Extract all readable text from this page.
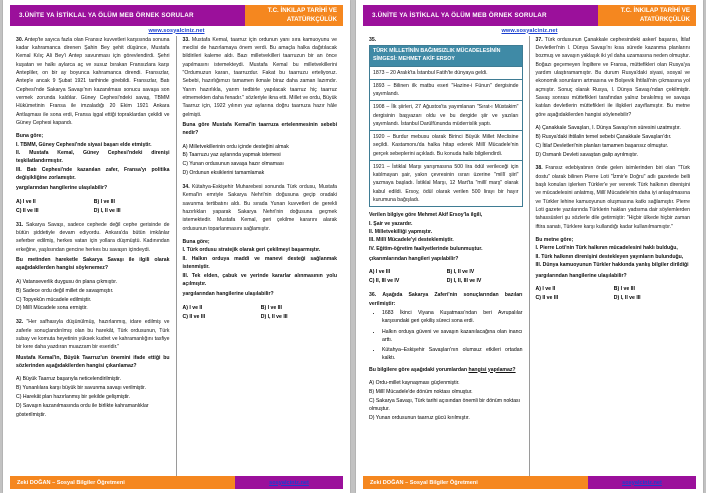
3.ÜNİTE YA İSTİKLAL YA ÖLÜM MEB ÖRNEK SORULAR
T.C. İNKILAP TARİHİ VE
ATATÜRKÇÜLÜK
www.sosyalciniz.net

30. Antep'te sayıca fazla olan Fransız kuvvetleri karşısında sonuna kadar kahramanca direnen Şahin Bey şehit düşünce, Mustafa Kemal Kılıç Ali Bey'i Antep savunması için görevlendirdi. Şehri kuşatan ve halkı aylarca aç ve susuz bırakan Fransızlara karşı Antepliler, on bir ay boyunca kahramanca direndi. Fransızlar, Antep'e ancak 9 Şubat 1921 tarihinde girebildi. Fransızlar, Batı Cephesi'nde Sakarya Savaşı'nın kazanılması sonucu savaşa son vermek zorunda kaldılar. Güney Cephesi'ndeki savaş, TBMM Hükümetinin Fransa ile imzaladığı 20 Ekim 1921 Ankara Antlaşması ile sona erdi, Fransa işgal ettiği topraklardan çekildi ve Güney Cephesi kapandı.

Buna göre;
I. TBMM, Güney Cephesi'nde siyasi başarı elde etmiştir.
II. Mustafa Kemal, Güney Cephesi'ndeki direnişi teşkilatlandırmıştır.
III. Batı Cephesi'nde kazanılan zafer, Fransa'yı politika değişikliğine zorlamıştır.
yargılarından hangilerine ulaşılabilir?

A) I ve II	B) I ve III
C) II ve III	D) I, II ve III

31. Sakarya Savaşı, sadece cephede değil cephe gerisinde de bütün şiddetiyle devam ediyordu. Ankara'da bütün imkânlar seferber edilmiş, herkes vatan için yollara düşmüştü. Kadınından erkeğine, yaşlısından gencine herkes bu savaşın içindeydi.
Bu metinden hareketle Sakarya Savaşı ile ilgili olarak aşağıdakilerden hangisi söylenemez?

A) Vatanseverlik duygusu ön plana çıkmıştır.
B) Sadece ordu değil millet de savaşmıştır.
C) Topyekûn mücadele edilmiştir.
D) Millî Mücadele sona ermiştir.

32. "Her safhasıyla düşünülmüş, hazırlanmış, idare edilmiş ve zaferle sonuçlandırılmış olan bu harekât, Türk ordusunun, Türk subay ve komuta heyetinin yüksek kudret ve kahramanlığını tasfiye bir kere daha yazdıran muazzam bir eseridir."
Mustafa Kemal'in, Büyük Taarruz'un önemini ifade ettiği bu sözlerinden aşağıdakilerden hangisi çıkarılamaz?

A) Büyük Taarruz başarıyla neticelendirilmiştir.
B) Yunanlılara karşı büyük bir savunma savaşı verilmiştir.
C) Harekât plan hazırlanmış bir şekilde gelişmiştir.
D) Savaşın kazanılmasında ordu ile birlikte kahramanlıklar gösterilmiştir.

33. Mustafa Kemal, taarruz için ordunun yanı sıra kamuoyunu ve meclisi de hazırlamaya önem verdi. Bu amaçla halka dağıtılacak bildirileri kaleme aldı. Bazı milletvekilleri taarruzun bir an önce yapılmasını istemekteydi. Mustafa Kemal bu milletvekillerini "Ordumuzun kararı, taarruzdur. Fakat bu taarruzu erteliyoruz. Sebebi, hazırlığımızı tamamen ikmale biraz daha zaman lazımdır. Yarım hazırlıkla, yarım tedbirle yapılacak taarruz hiç taarruz etmemekten daha fenadır." sözleriyle ikna etti. Millet ve ordu, Büyük Taarruz için, 1922 yılının yaz aylarına doğru taarruza hazır hâle gelmişti.
Buna göre Mustafa Kemal'in taarruza ertelenmesinin sebebi nedir?

A) Milletvekillerinin ordu içinde desteğini almak
B) Taarruzu yaz aylarında yapmak istemesi
C) Yunan ordusunun savaşa hazır olmaması
D) Ordunun eksiklerini tamamlamak

34. Kütahya-Eskişehir Muharebesi sonunda Türk ordusu, Mustafa Kemal'in emriyle Sakarya Nehri'nin doğusuna geçip oradaki savunma tertibatını aldı. Bu sırada Yunan kuvvetleri de gerekli hazırlıkları yaparak Sakarya Nehri'nin doğusuna geçmek istemektedir. Mustafa Kemal, geri çekilme kararını alarak ordusunun toparlanmasını sağlamıştır.

Buna göre;
I. Türk ordusu stratejik olarak geri çekilmeyi başarmıştır.
II. Halkın orduya maddi ve manevi desteği sağlanmak istenmiştir.
III. Tek elden, çabuk ve yerinde kararlar alınmasının yolu açılmıştır.
yargılarından hangilerine ulaşılabilir?

A) I ve II	B) I ve III
C) II ve III	D) I, II ve III
Zeki DOĞAN – Sosyal Bilgiler Öğretmeni	sosyalciniz.net
3.ÜNİTE YA İSTİKLAL YA ÖLÜM MEB ÖRNEK SORULAR
T.C. İNKILAP TARİHİ VE
ATATÜRKÇÜLÜK
www.sosyalciniz.net

35.

TÜRK MİLLETİNİN BAĞIMSIZLIK MÜCADELESİNİN SİMGESİ: MEHMET AKİF ERSOY
1873 – 20 Aralık'ta İstanbul Fatih'te dünyaya geldi.
1893 – Bilinen ilk matbu eseri "Hazine-i Fünun" dergisinde yayımlandı.
1908 – İlk şiirleri, 27 Ağustos'ta yayımlanan "Sırat-ı Müstakim" dergisinin başyazarı oldu ve bu dergide şiir ve yazıları yayımlandı. İstanbul Darülfünunda müderrislik yaptı.
1920 – Burdur mebusu olarak Birinci Büyük Millet Meclisine seçildi. Kastamonu'da halka hitap ederek Millî Mücadele'nin gerçek sebeplerini açıkladı. Bu konuda halkı bilgilendirdi.
1921 – İstiklal Marşı yarışmasına 500 lira ödül verileceği için katılmayan şair, yakın çevresinin ısrarı üzerine "millî şiiri" yazmaya başladı. İstiklal Marşı, 12 Mart'ta "millî marş" olarak kabul edildi. Ersoy, ödül olarak verilen 500 lirayı bir hayır kurumuna bağışladı.

Verilen bilgiye göre Mehmet Akif Ersoy'la ilgili,
I. Şair ve yazardır.
II. Milletvekilliği yapmıştır.
III. Millî Mücadele'yi desteklemiştir.
IV. Eğitim-öğretim faaliyetlerinde bulunmuştur.
çıkarımlarından hangileri yapılabilir?

A) I ve III	B) I, II ve IV
C) II, III ve IV	D) I, II, III ve IV

36. Aşağıda Sakarya Zaferi'nin sonuçlarından bazıları verilmiştir:

• 1683 İkinci Viyana Kuşatması'ndan beri Avrupalılar karşısındaki geri çekiliş süreci sona erdi.
• Halkın orduya güveni ve savaşın kazanılacağına olan inancı arttı.
• Kütahya–Eskişehir Savaşları'nın olumsuz etkileri ortadan kalktı.

Bu bilgilere göre aşağıdaki yorumlardan hangisi yapılamaz?

A) Ordu-millet kaynaşması güçlenmiştir.
B) Millî Mücadele'de dönüm noktası olmuştur.
C) Sakarya Savaşı, Türk tarihi açısından önemli bir dönüm noktası olmuştur.
D) Yunan ordusunun taarruz gücü kırılmıştır.

37. Türk ordusunun Çanakkale cephesindeki askerî başarısı, İtilaf Devletleri'nin I. Dünya Savaşı'nı kısa sürede kazanma planlarını bozmuş ve savaşın yaklaşık iki yıl daha uzamasına neden olmuştur. Boğazı geçemeyen İngiltere ve Fransa, müttefikleri olan Rusya'ya yardım ulaştıramamıştır. Bu durum Rusya'daki siyasi, sosyal ve ekonomik sorunların artmasına ve Bolşevik İhtilali'nin çıkmasına yol açmıştır. Sonuç olarak Rusya, I. Dünya Savaşı'ndan çekilmiştir. Savaş sonrası müttefikleri tarafından yalnız bırakılmış ve savaşa katılan devletlerin müttefikleri ile ilişkileri zayıflamıştır. Bu metne göre aşağıdakilerden hangisi söylenebilir?

A) Çanakkale Savaşları, I. Dünya Savaşı'nın süresini uzatmıştır.
B) Rusya'daki ihtilalin temel sebebi Çanakkale Savaşları'dır.
C) İtilaf Devletleri'nin planları tamamen başarısız olmuştur.
D) Osmanlı Devleti savaştan galip ayrılmıştır.

38. Fransız edebiyatının önde gelen isimlerinden biri olan "Türk dostu" olarak bilinen Pierre Loti "İzmir'e Doğru" adlı gazetede belli başlı konuları işlerken Türkler'e yer vererek Türk halkının direnişini ve mücadelesini anlatmış, Millî Mücadele'nin daha iyi anlaşılmasına ve Türkler lehine kamuoyunun oluşmasına katkı sağlamıştır. Pierre Loti gazete yazılarında Türklerin hakları yadsıma dair söylemlerden tahassüsleri şu sözlerle dile getirmiştir: "Hiçbir ülkede hiçbir zaman iftira sanatı, Türklere karşı kullandığı kadar kullanılmamıştır."

Bu metne göre;
I. Pierre Loti'nin Türk halkının mücadelesini haklı bulduğu,
II. Türk halkının direnişini destekleyen yayınların bulunduğu,
III. Dünya kamuoyunun Türkler hakkında yanlış bilgiler dirildiği
yargılarından hangilerine ulaşılabilir?

A) I ve II	B) I ve III
C) II ve III	D) I, II ve III
Zeki DOĞAN – Sosyal Bilgiler Öğretmeni	sosyalciniz.net
